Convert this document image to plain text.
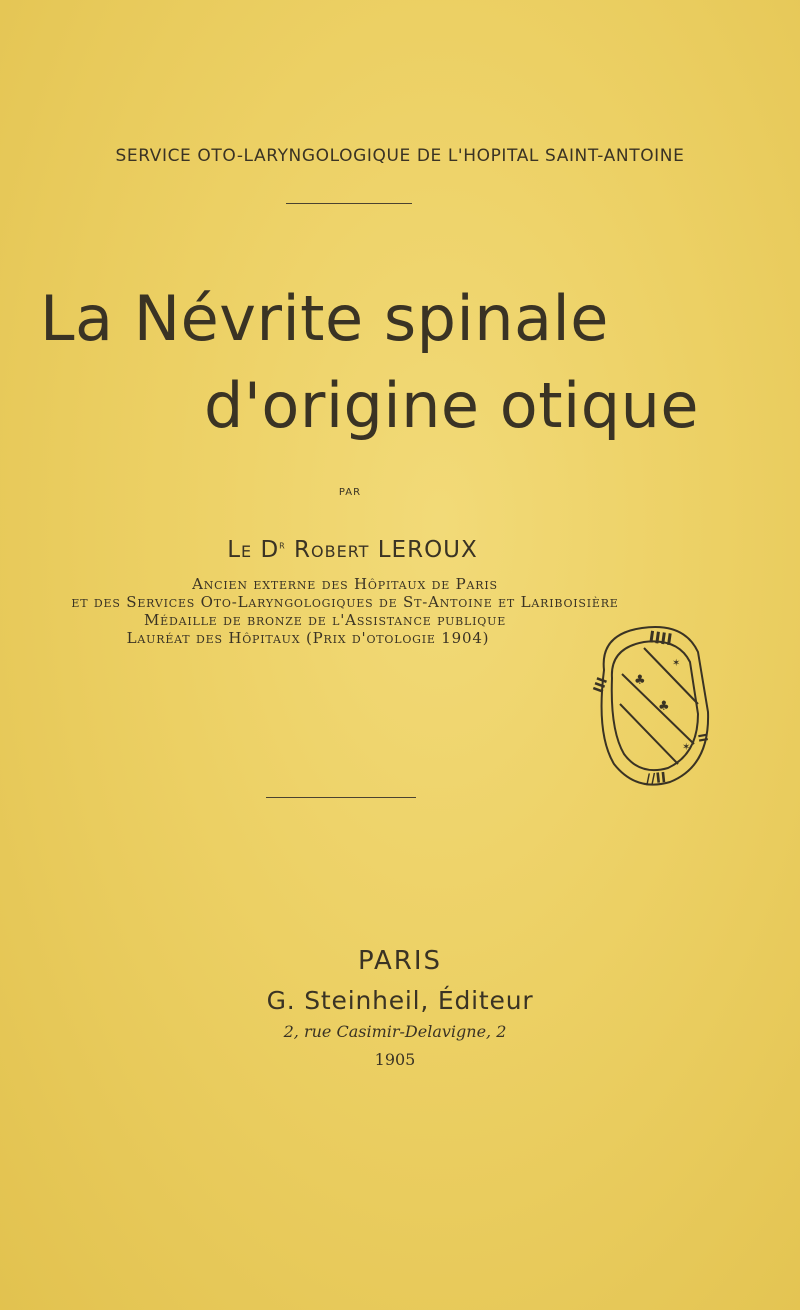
SERVICE OTO-LARYNGOLOGIQUE DE L'HOPITAL SAINT-ANTOINE
La Névrite spinale
d'origine otique
PAR
Le $D^r$ Robert LEROUX
Ancien externe des Hôpitaux de Paris
et des Services Oto-Laryngologiques de St-Antoine et Lariboisière
Médaille de bronze de l'Assistance publique
Lauréat des Hôpitaux (Prix d'otologie 1904)	IIII
III
//II
II
♣
♣
✶
✶
PARIS
G. Steinheil, Éditeur
2, rue Casimir-Delavigne, 2
1905
